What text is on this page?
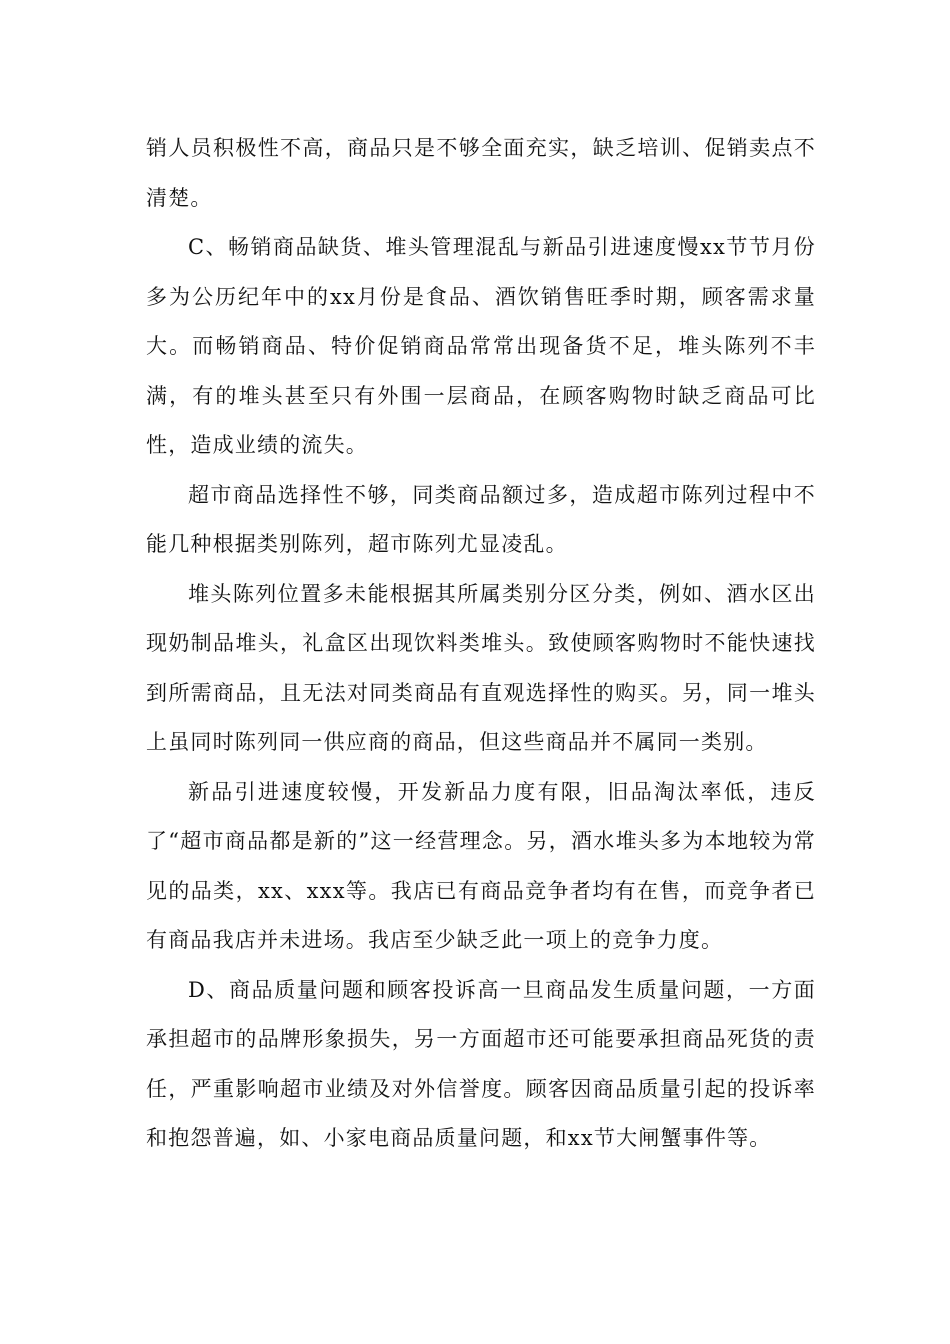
销人员积极性不高，商品只是不够全面充实，缺乏培训、促销卖点不清楚。

C、畅销商品缺货、堆头管理混乱与新品引进速度慢xx节节月份多为公历纪年中的xx月份是食品、酒饮销售旺季时期，顾客需求量大。而畅销商品、特价促销商品常常出现备货不足，堆头陈列不丰满，有的堆头甚至只有外围一层商品，在顾客购物时缺乏商品可比性，造成业绩的流失。

超市商品选择性不够，同类商品额过多，造成超市陈列过程中不能几种根据类别陈列，超市陈列尤显凌乱。

堆头陈列位置多未能根据其所属类别分区分类，例如、酒水区出现奶制品堆头，礼盒区出现饮料类堆头。致使顾客购物时不能快速找到所需商品，且无法对同类商品有直观选择性的购买。另，同一堆头上虽同时陈列同一供应商的商品，但这些商品并不属同一类别。

新品引进速度较慢，开发新品力度有限，旧品淘汰率低，违反了“超市商品都是新的”这一经营理念。另，酒水堆头多为本地较为常见的品类，xx、xxx等。我店已有商品竞争者均有在售，而竞争者已有商品我店并未进场。我店至少缺乏此一项上的竞争力度。

D、商品质量问题和顾客投诉高一旦商品发生质量问题，一方面承担超市的品牌形象损失，另一方面超市还可能要承担商品死货的责任，严重影响超市业绩及对外信誉度。顾客因商品质量引起的投诉率和抱怨普遍，如、小家电商品质量问题，和xx节大闸蟹事件等。
